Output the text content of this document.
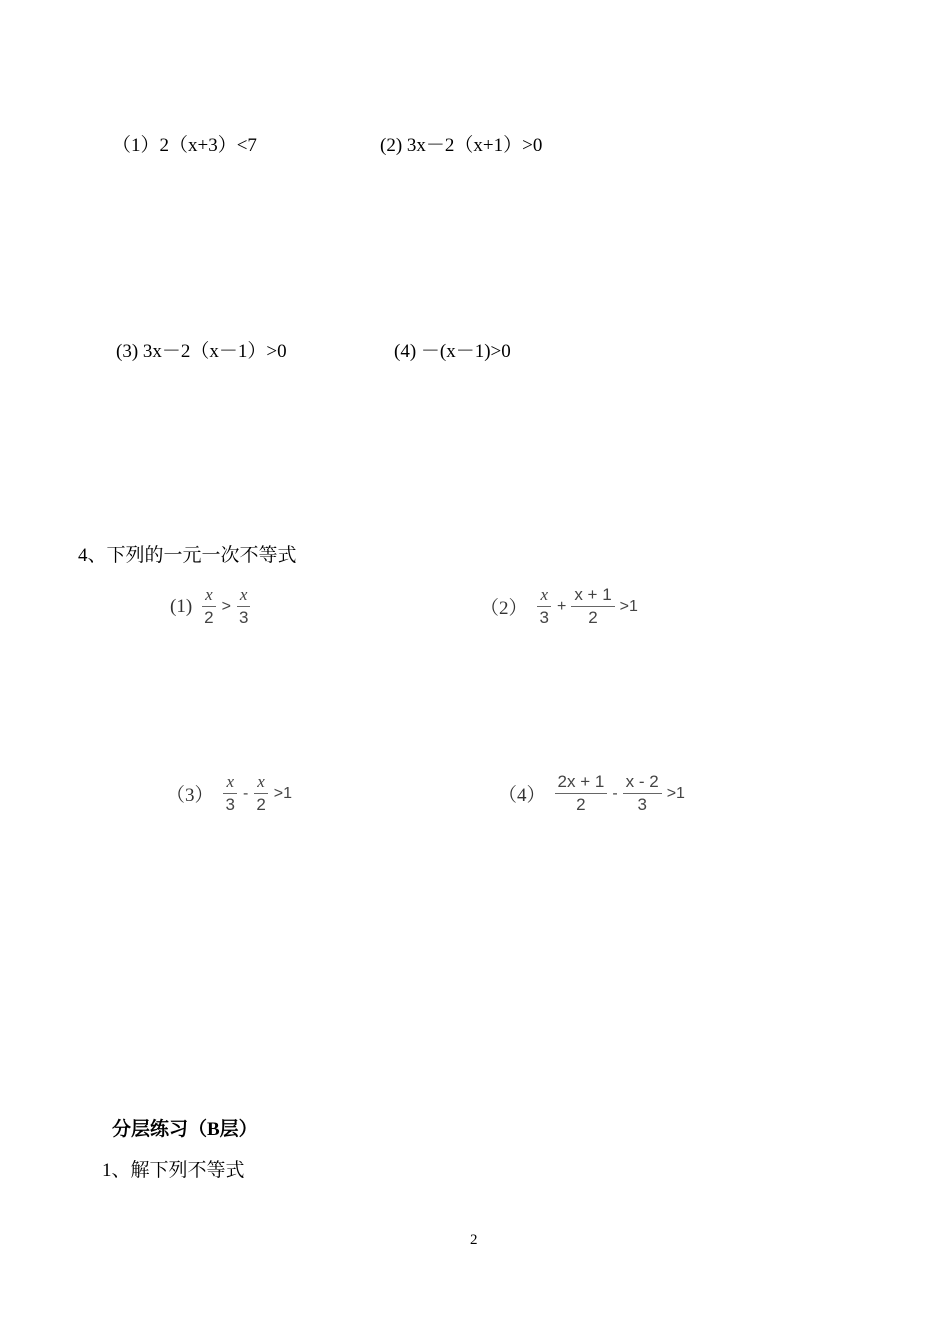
（1）2（x+3）<7	(2) 3x－2（x+1）>0
(3) 3x－2（x－1）>0	(4) －(x－1)>0
4、下列的一元一次不等式
$(1) \frac{x}{2} > \frac{x}{3}$	$(2) \frac{x}{3} + \frac{x + 1}{2} >1$
$(3) \frac{x}{3} - \frac{x}{2} >1$	$(4) \frac{2x + 1}{2} - \frac{x - 2}{3} >1$
分层练习（B层）
1、解下列不等式
2
